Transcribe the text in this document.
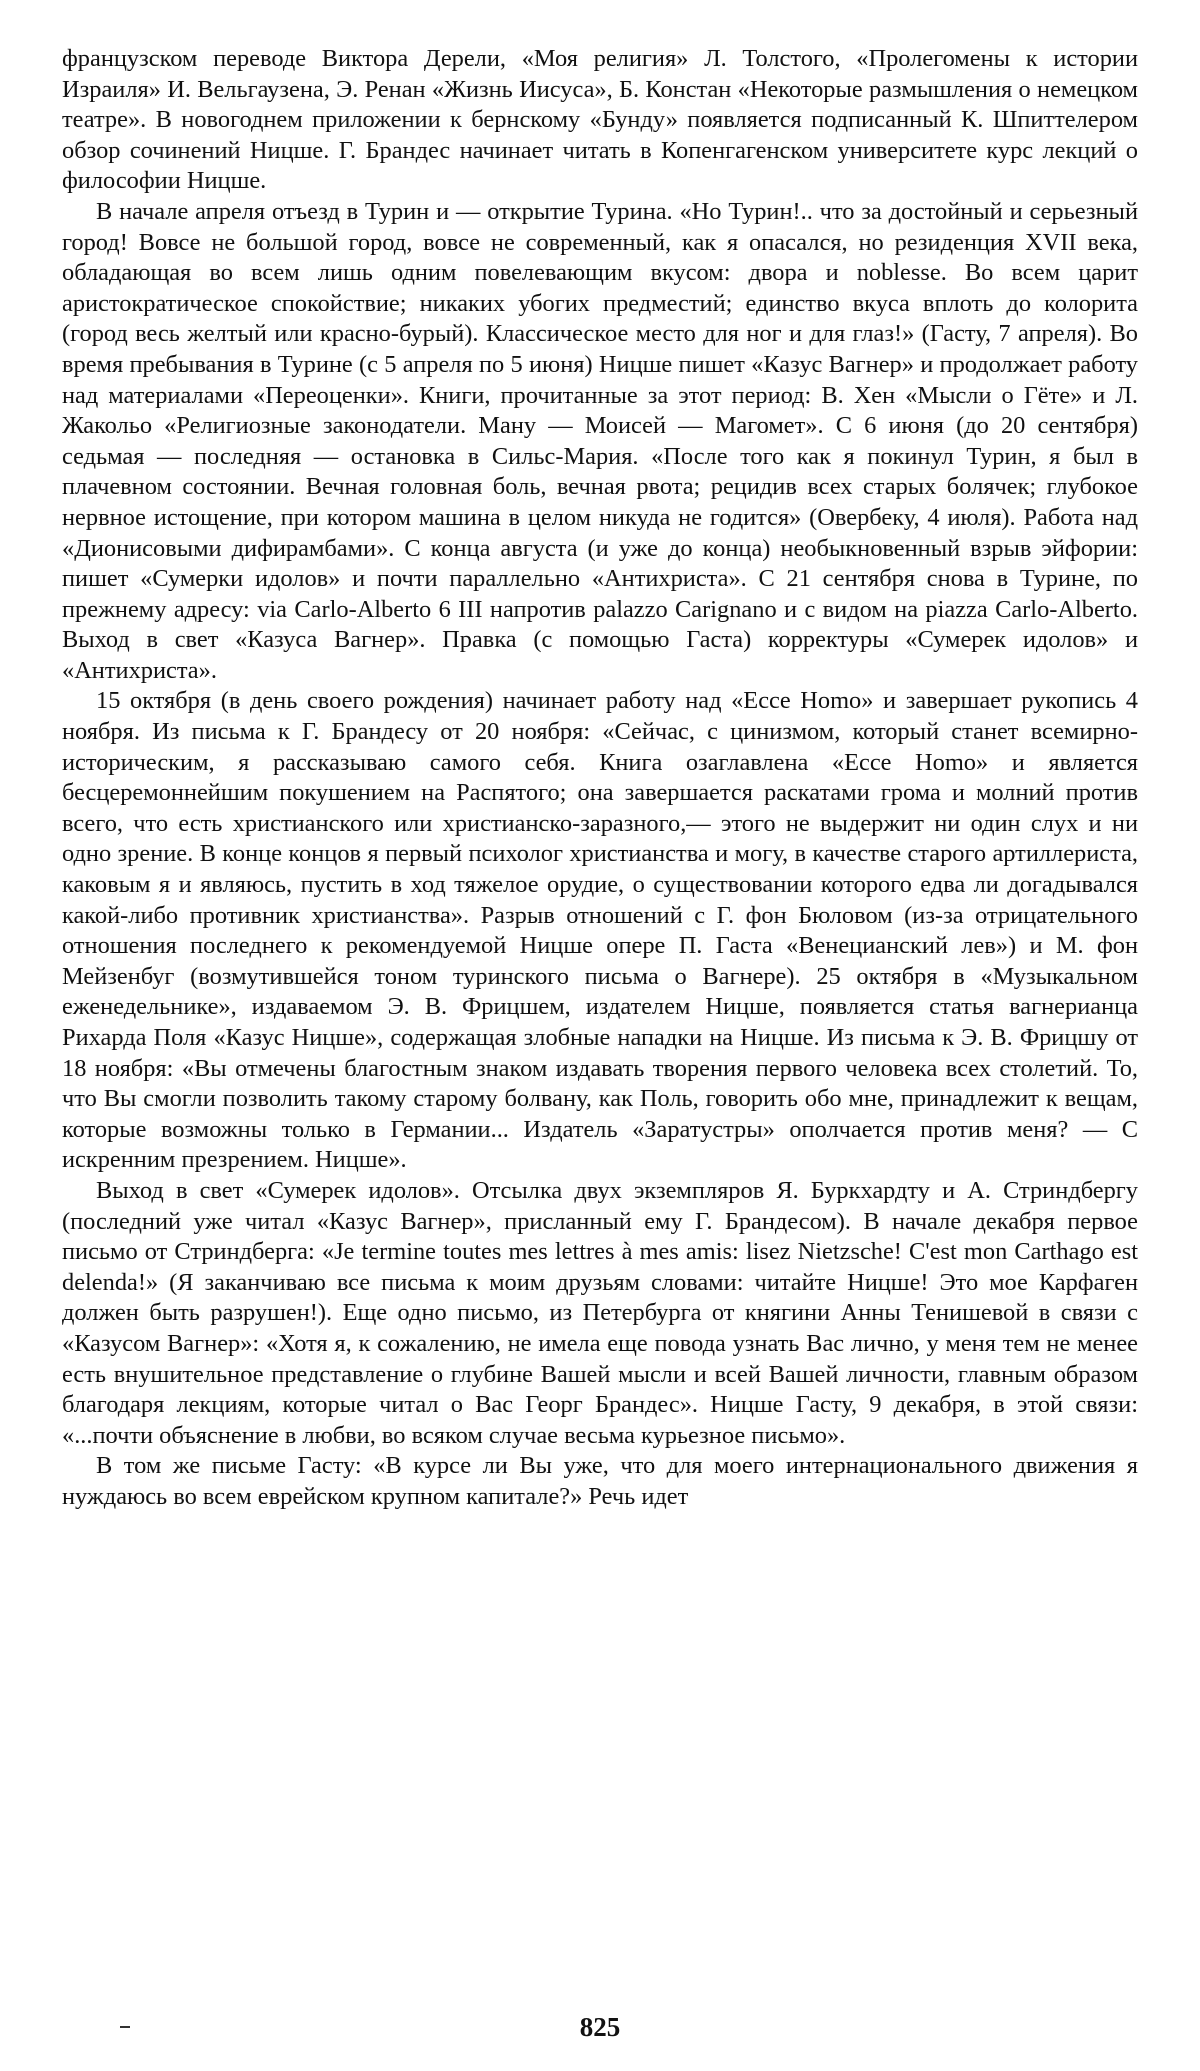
французском переводе Виктора Дерели, «Моя религия» Л. Толстого, «Пролегомены к истории Израиля» И. Вельгаузена, Э. Ренан «Жизнь Иисуса», Б. Констан «Некоторые размышления о немецком театре». В новогоднем приложении к бернскому «Бунду» появляется подписанный К. Шпиттелером обзор сочинений Ницше. Г. Брандес начинает читать в Копенгагенском университете курс лекций о философии Ницше.

В начале апреля отъезд в Турин и — открытие Турина. «Но Турин!.. что за достойный и серьезный город! Вовсе не большой город, вовсе не современный, как я опасался, но резиденция XVII века, обладающая во всем лишь одним повелевающим вкусом: двора и noblesse. Во всем царит аристократическое спокойствие; никаких убогих предместий; единство вкуса вплоть до колорита (город весь желтый или красно-бурый). Классическое место для ног и для глаз!» (Гасту, 7 апреля). Во время пребывания в Турине (с 5 апреля по 5 июня) Ницше пишет «Казус Вагнер» и продолжает работу над материалами «Переоценки». Книги, прочитанные за этот период: В. Хен «Мысли о Гёте» и Л. Жакольо «Религиозные законодатели. Ману — Моисей — Магомет». С 6 июня (до 20 сентября) седьмая — последняя — остановка в Сильс-Мария. «После того как я покинул Турин, я был в плачевном состоянии. Вечная головная боль, вечная рвота; рецидив всех старых болячек; глубокое нервное истощение, при котором машина в целом никуда не годится» (Овербеку, 4 июля). Работа над «Дионисовыми дифирамбами». С конца августа (и уже до конца) необыкновенный взрыв эйфории: пишет «Сумерки идолов» и почти параллельно «Антихриста». С 21 сентября снова в Турине, по прежнему адресу: via Carlo-Alberto 6 III напротив palazzo Carignano и с видом на piazza Carlo-Alberto. Выход в свет «Казуса Вагнер». Правка (с помощью Гаста) корректуры «Сумерек идолов» и «Антихриста».

15 октября (в день своего рождения) начинает работу над «Ecce Homo» и завершает рукопись 4 ноября. Из письма к Г. Брандесу от 20 ноября: «Сейчас, с цинизмом, который станет всемирно-историческим, я рассказываю самого себя. Книга озаглавлена «Ecce Homo» и является бесцеремоннейшим покушением на Распятого; она завершается раскатами грома и молний против всего, что есть христианского или христианско-заразного,— этого не выдержит ни один слух и ни одно зрение. В конце концов я первый психолог христианства и могу, в качестве старого артиллериста, каковым я и являюсь, пустить в ход тяжелое орудие, о существовании которого едва ли догадывался какой-либо противник христианства». Разрыв отношений с Г. фон Бюловом (из-за отрицательного отношения последнего к рекомендуемой Ницше опере П. Гаста «Венецианский лев») и М. фон Мейзенбуг (возмутившейся тоном туринского письма о Вагнере). 25 октября в «Музыкальном еженедельнике», издаваемом Э. В. Фрицшем, издателем Ницше, появляется статья вагнерианца Рихарда Поля «Казус Ницше», содержащая злобные нападки на Ницше. Из письма к Э. В. Фрицшу от 18 ноября: «Вы отмечены благостным знаком издавать творения первого человека всех столетий. То, что Вы смогли позволить такому старому болвану, как Поль, говорить обо мне, принадлежит к вещам, которые возможны только в Германии... Издатель «Заратустры» ополчается против меня? — С искренним презрением. Ницше».

Выход в свет «Сумерек идолов». Отсылка двух экземпляров Я. Буркхардту и А. Стриндбергу (последний уже читал «Казус Вагнер», присланный ему Г. Брандесом). В начале декабря первое письмо от Стриндберга: «Je termine toutes mes lettres à mes amis: lisez Nietzsche! C'est mon Carthago est delenda!» (Я заканчиваю все письма к моим друзьям словами: читайте Ницше! Это мое Карфаген должен быть разрушен!). Еще одно письмо, из Петербурга от княгини Анны Тенишевой в связи с «Казусом Вагнер»: «Хотя я, к сожалению, не имела еще повода узнать Вас лично, у меня тем не менее есть внушительное представление о глубине Вашей мысли и всей Вашей личности, главным образом благодаря лекциям, которые читал о Вас Георг Брандес». Ницше Гасту, 9 декабря, в этой связи: «...почти объяснение в любви, во всяком случае весьма курьезное письмо».

В том же письме Гасту: «В курсе ли Вы уже, что для моего интернационального движения я нуждаюсь во всем еврейском крупном капитале?» Речь идет

825
